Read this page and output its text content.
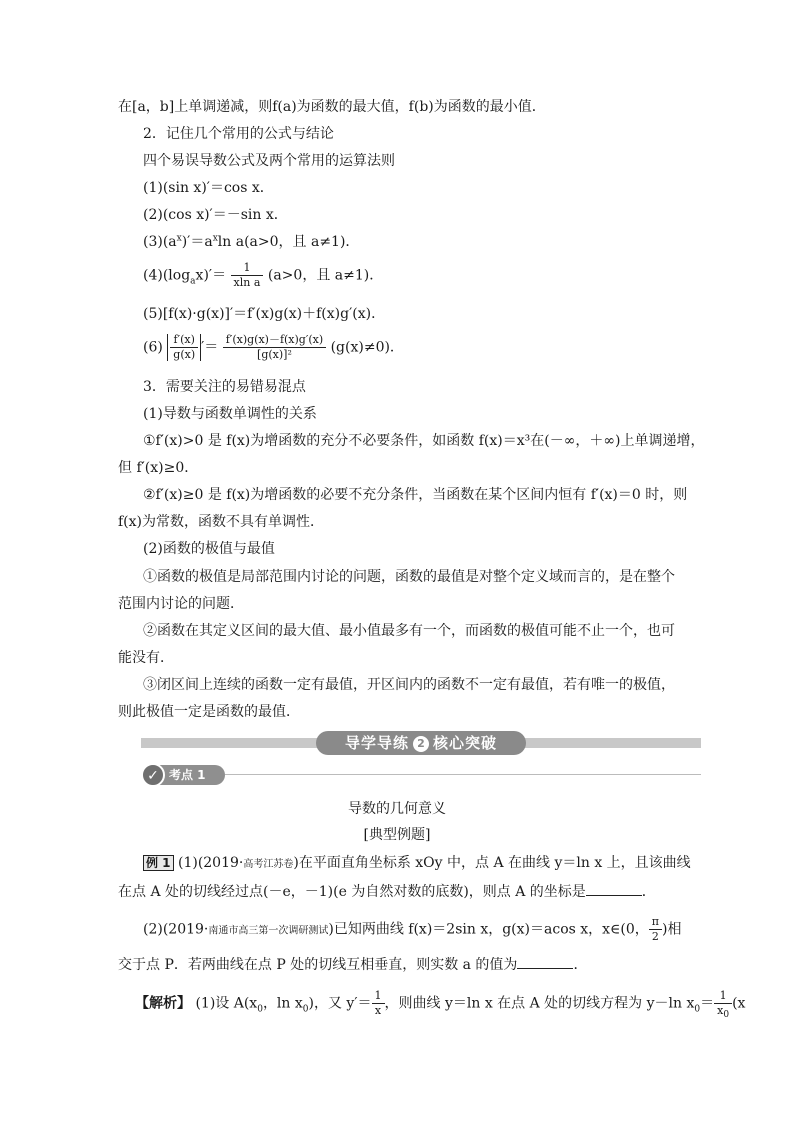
在[a，b]上单调递减，则f(a)为函数的最大值，f(b)为函数的最小值．
2．记住几个常用的公式与结论
四个易误导数公式及两个常用的运算法则
(1)(sin x)′＝cos x．
(2)(cos x)′＝－sin x．
$(3)(a^x)'=a^x\ln$ a(a>0，且 a≠1)．
$(4)(\log_ax)'= \frac{1}{\text{xln a}} (a>0$，且 a≠1)．
(5)[f(x)·g(x)]′＝f′(x)g(x)＋f(x)g′(x)．
$(6) \frac{f'(x)}{g(x)}$ ′＝ $\frac{f'(x)g(x)-f(x)g'(x)}{\text{[g(x)]²}} (g(x)\ne 0)$．
3．需要关注的易错易混点
(1)导数与函数单调性的关系
①f′(x)>0 是 f(x)为增函数的充分不必要条件，如函数 f(x)＝x³在(－∞，＋∞)上单调递增，
但 f′(x)≥0．
②f′(x)≥0 是 f(x)为增函数的必要不充分条件，当函数在某个区间内恒有 f′(x)＝0 时，则
f(x)为常数，函数不具有单调性．
(2)函数的极值与最值
①函数的极值是局部范围内讨论的问题，函数的最值是对整个定义域而言的，是在整个
范围内讨论的问题．
②函数在其定义区间的最大值、最小值最多有一个，而函数的极值可能不止一个，也可
能没有．
③闭区间上连续的函数一定有最值，开区间内的函数不一定有最值，若有唯一的极值，
则此极值一定是函数的最值．
导学导练 2 核心突破
✓ 考点 1
导数的几何意义
[典型例题]
例 1 (1)(2019·高考江苏卷)在平面直角坐标系 xOy 中，点 A 在曲线 y＝ln x 上，且该曲线
在点 A 处的切线经过点(－e，－1)(e 为自然对数的底数)，则点 A 的坐标是	．
(2)(2019·南通市高三第一次调研测试)已知两曲线 f(x)＝2sin x，g(x)＝acos x，x∈(0， $\frac{\pi}{2}$ )相
交于点 P．若两曲线在点 P 处的切线互相垂直，则实数 a 的值为	．
【解析】 (1)设 $A(x_0$，$\ln x_0$)，又 $y'= \frac{1}{x}$ ，则曲线 y＝ln x 在点 A 处的切线方程为 y－ln $x_0= \frac{1}{x_0} (x$
